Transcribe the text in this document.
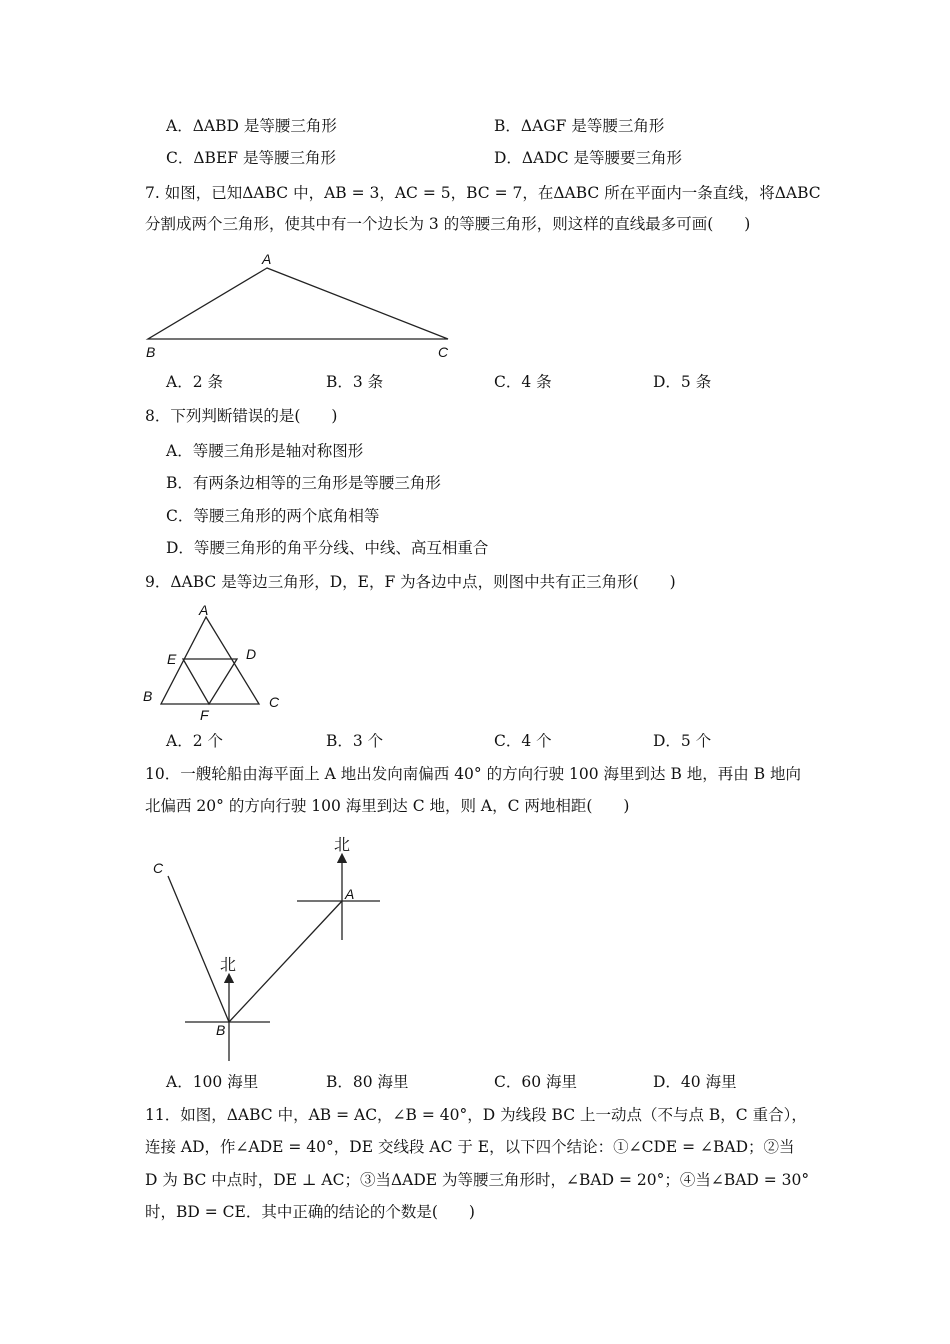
A．ΔABD 是等腰三角形	B．ΔAGF 是等腰三角形
C．ΔBEF 是等腰三角形	D．ΔADC 是等腰要三角形
7. 如图，已知ΔABC 中，AB = 3，AC = 5，BC = 7，在ΔABC 所在平面内一条直线，将ΔABC
分割成两个三角形，使其中有一个边长为 3 的等腰三角形，则这样的直线最多可画(　　)
A
B	C
A．2 条	B．3 条	C．4 条	D．5 条
8．下列判断错误的是(　　)
A．等腰三角形是轴对称图形
B．有两条边相等的三角形是等腰三角形
C．等腰三角形的两个底角相等
D．等腰三角形的角平分线、中线、高互相重合
9．ΔABC 是等边三角形，D，E，F 为各边中点，则图中共有正三角形(　　)
A
B	C
D
E
F
A．2 个	B．3 个	C．4 个	D．5 个
10．一艘轮船由海平面上 A 地出发向南偏西 40° 的方向行驶 100 海里到达 B 地，再由 B 地向
北偏西 20° 的方向行驶 100 海里到达 C 地，则 A，C 两地相距(　　)
C
A
B
北
北
A．100 海里	B．80 海里	C．60 海里	D．40 海里
11．如图，ΔABC 中，AB = AC，∠B = 40°，D 为线段 BC 上一动点（不与点 B，C 重合），
连接 AD，作∠ADE = 40°，DE 交线段 AC 于 E，以下四个结论：①∠CDE = ∠BAD；②当
D 为 BC 中点时，DE ⊥ AC；③当ΔADE 为等腰三角形时，∠BAD = 20°；④当∠BAD = 30°
时，BD = CE．其中正确的结论的个数是(　　)
